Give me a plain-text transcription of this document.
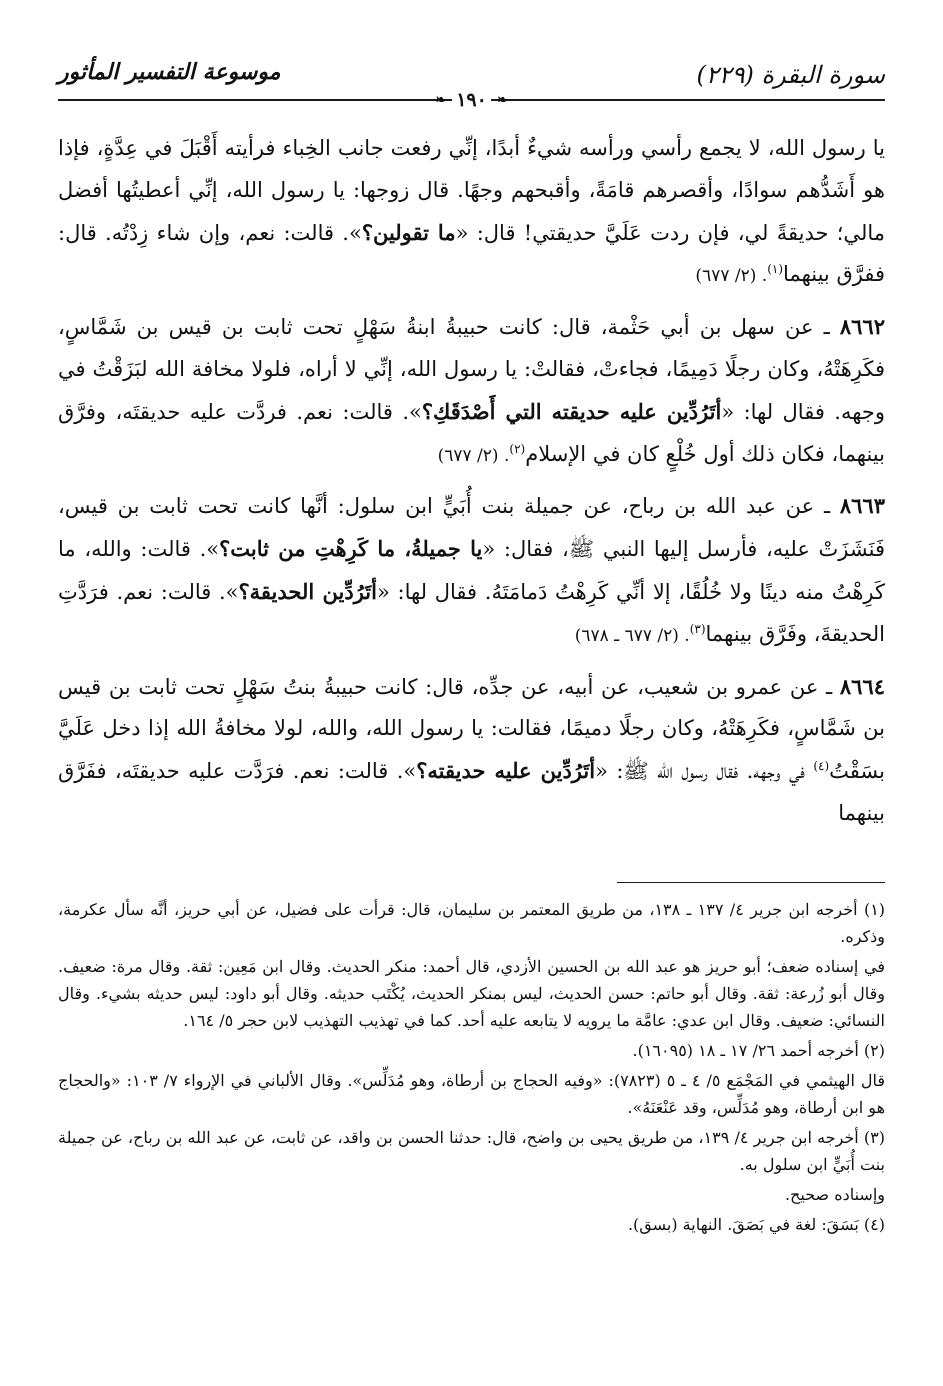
سورة البقرة (٢٢٩)
موسوعة التفسير المأثور
❧١٩٠❧

يا رسول الله، لا يجمع رأسي ورأسه شيءٌ أبدًا، إنِّي رفعت جانب الخِباء فرأيته أَقْبَلَ في عِدَّةٍ، فإذا هو أَشَدُّهم سوادًا، وأقصرهم قامَةً، وأقبحهم وجهًا. قال زوجها: يا رسول الله، إنِّي أعطيتُها أفضل مالي؛ حديقةً لي، فإن ردت عَلَيَّ حديقتي! قال: «ما تقولين؟». قالت: نعم، وإن شاء زِدْتُه. قال: ففرَّق بينهما$^{(١)}$. (٢/ ٦٧٧)

٨٦٦٢ ـ عن سهل بن أبي حَثْمة، قال: كانت حبيبةُ ابنةُ سَهْلٍ تحت ثابت بن قيس بن شَمَّاسٍ، فكَرِهَتْهُ، وكان رجلًا دَمِيمًا، فجاءتْ، فقالتْ: يا رسول الله، إنِّي لا أراه، فلولا مخافة الله لبَزَقْتُ في وجهه. فقال لها: «أتَرُدِّين عليه حديقته التي أَصْدَقَكِ؟». قالت: نعم. فردَّت عليه حديقتَه، وفرَّق بينهما، فكان ذلك أول خُلْعٍ كان في الإسلام$^{(٢)}$. (٢/ ٦٧٧)

٨٦٦٣ ـ عن عبد الله بن رباح، عن جميلة بنت أُبَيٍّ ابن سلول: أنَّها كانت تحت ثابت بن قيس، فَنَشَزَتْ عليه، فأرسل إليها النبي ﷺ، فقال: «يا جميلةُ، ما كَرِهْتِ من ثابت؟». قالت: والله، ما كَرِهْتُ منه دينًا ولا خُلُقًا، إلا أنِّي كَرِهْتُ دَمامَتَهُ. فقال لها: «أتَرُدِّين الحديقة؟». قالت: نعم. فرَدَّتِ الحديقةَ، وفَرَّق بينهما$^{(٣)}$. (٢/ ٦٧٧ ـ ٦٧٨)

٨٦٦٤ ـ عن عمرو بن شعيب، عن أبيه، عن جدِّه، قال: كانت حبيبةُ بنتُ سَهْلٍ تحت ثابت بن قيس بن شَمَّاسٍ، فكَرِهَتْهُ، وكان رجلًا دميمًا، فقالت: يا رسول الله، والله، لولا مخافةُ الله إذا دخل عَلَيَّ بسَقْتُ$^{(٤)}$ في وجهه. فقال رسول الله ﷺ: «أتَرُدِّين عليه حديقته؟». قالت: نعم. فرَدَّت عليه حديقتَه، ففَرَّق بينهما

(١) أخرجه ابن جرير ٤/ ١٣٧ ـ ١٣٨، من طريق المعتمر بن سليمان، قال: قرأت على فضيل، عن أبي حريز، أنَّه سأل عكرمة، وذكره.

في إسناده ضعف؛ أبو حريز هو عبد الله بن الحسين الأزدي، قال أحمد: منكر الحديث. وقال ابن مَعِين: ثقة. وقال مرة: ضعيف. وقال أبو زُرعة: ثقة. وقال أبو حاتم: حسن الحديث، ليس بمنكر الحديث، يُكْتَب حديثه. وقال أبو داود: ليس حديثه بشيء. وقال النسائي: ضعيف. وقال ابن عدي: عامَّة ما يرويه لا يتابعه عليه أحد. كما في تهذيب التهذيب لابن حجر ٥/ ١٦٤.

(٢) أخرجه أحمد ٢٦/ ١٧ ـ ١٨ (١٦٠٩٥).

قال الهيثمي في المَجْمَع ٥/ ٤ ـ ٥ (٧٨٢٣): «وفيه الحجاج بن أرطاة، وهو مُدَلِّس». وقال الألباني في الإرواء ٧/ ١٠٣: «والحجاج هو ابن أرطاة، وهو مُدَلِّس، وقد عَنْعَنَهُ».

(٣) أخرجه ابن جرير ٤/ ١٣٩، من طريق يحيى بن واضح، قال: حدثنا الحسن بن واقد، عن ثابت، عن عبد الله بن رباح، عن جميلة بنت أُبَيٍّ ابن سلول به.

وإسناده صحيح.

(٤) بَسَقَ: لغة في بَصَقَ. النهاية (بسق).
